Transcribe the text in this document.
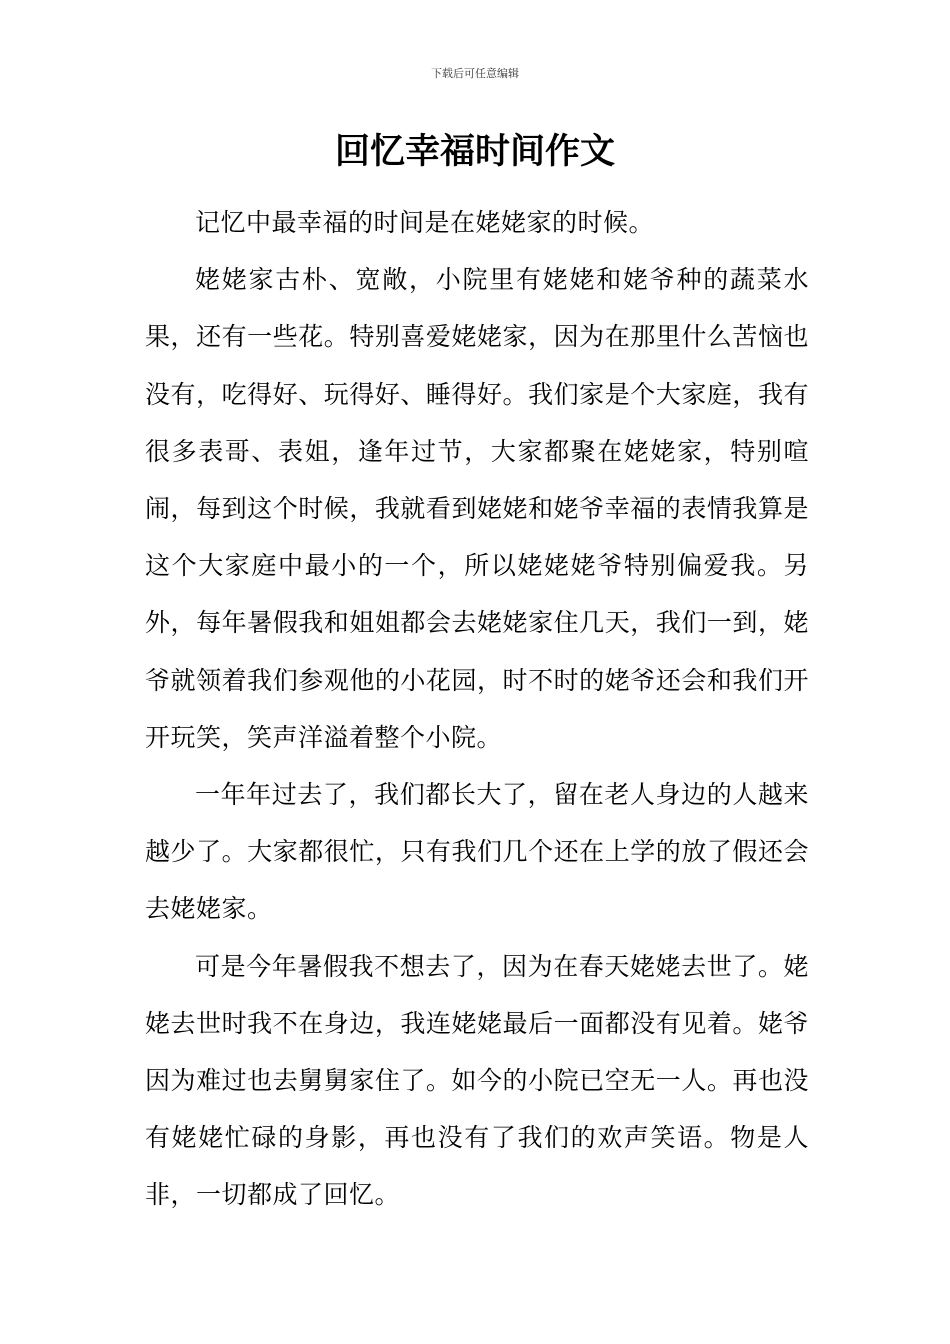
下载后可任意编辑
回忆幸福时间作文

记忆中最幸福的时间是在姥姥家的时候。

姥姥家古朴、宽敞，小院里有姥姥和姥爷种的蔬菜水果，还有一些花。特别喜爱姥姥家，因为在那里什么苦恼也没有，吃得好、玩得好、睡得好。我们家是个大家庭，我有很多表哥、表姐，逢年过节，大家都聚在姥姥家，特别喧闹，每到这个时候，我就看到姥姥和姥爷幸福的表情我算是这个大家庭中最小的一个，所以姥姥姥爷特别偏爱我。另外，每年暑假我和姐姐都会去姥姥家住几天，我们一到，姥爷就领着我们参观他的小花园，时不时的姥爷还会和我们开开玩笑，笑声洋溢着整个小院。

一年年过去了，我们都长大了，留在老人身边的人越来越少了。大家都很忙，只有我们几个还在上学的放了假还会去姥姥家。

可是今年暑假我不想去了，因为在春天姥姥去世了。姥姥去世时我不在身边，我连姥姥最后一面都没有见着。姥爷因为难过也去舅舅家住了。如今的小院已空无一人。再也没有姥姥忙碌的身影，再也没有了我们的欢声笑语。物是人非，一切都成了回忆。
